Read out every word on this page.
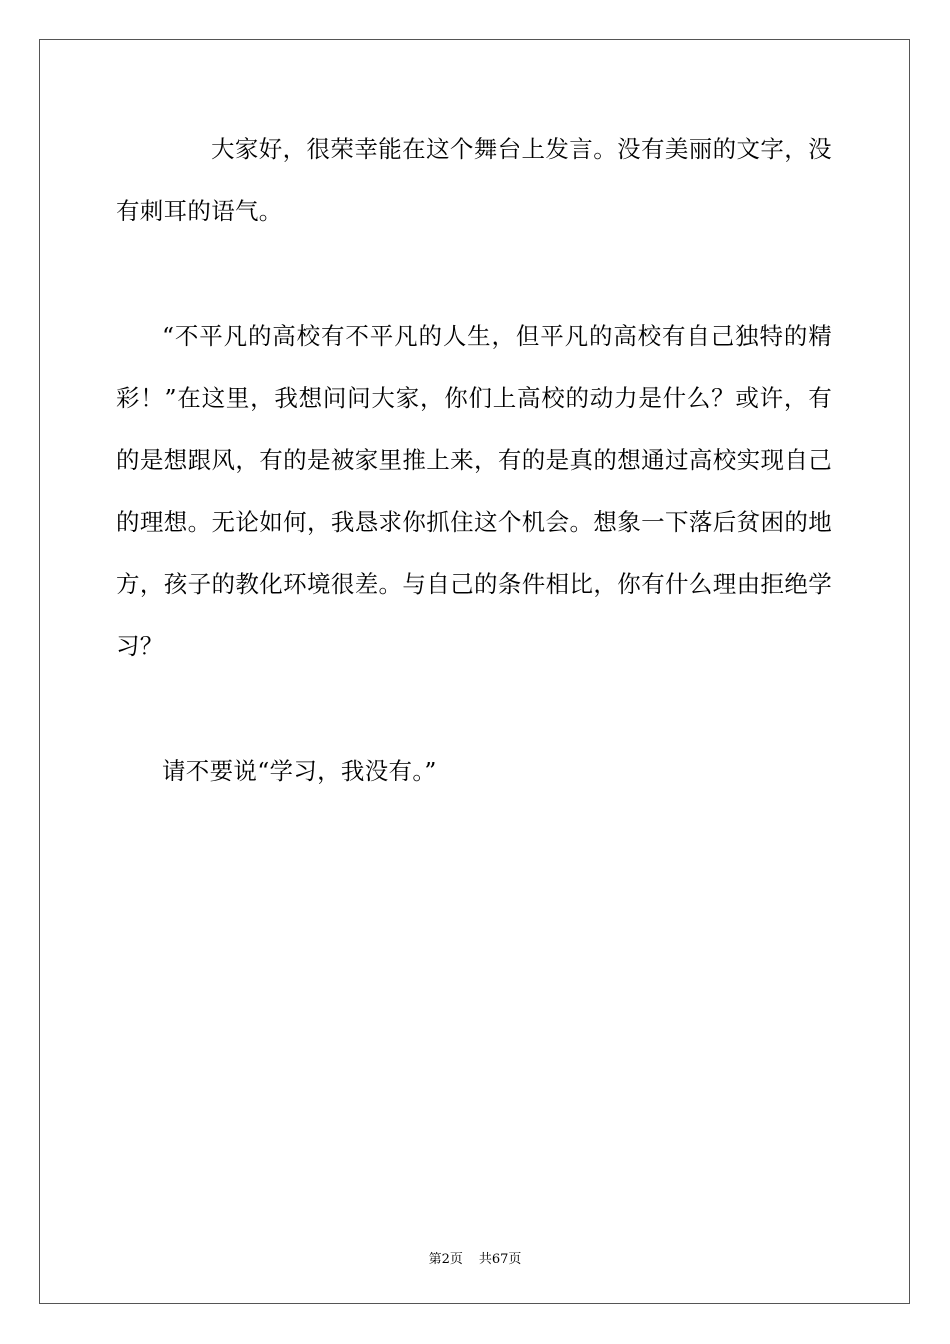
大家好，很荣幸能在这个舞台上发言。没有美丽的文字，没有刺耳的语气。

“不平凡的高校有不平凡的人生，但平凡的高校有自己独特的精彩！”在这里，我想问问大家，你们上高校的动力是什么？或许，有的是想跟风，有的是被家里推上来，有的是真的想通过高校实现自己的理想。无论如何，我恳求你抓住这个机会。想象一下落后贫困的地方，孩子的教化环境很差。与自己的条件相比，你有什么理由拒绝学习？

请不要说“学习，我没有。”

第2页 共67页
